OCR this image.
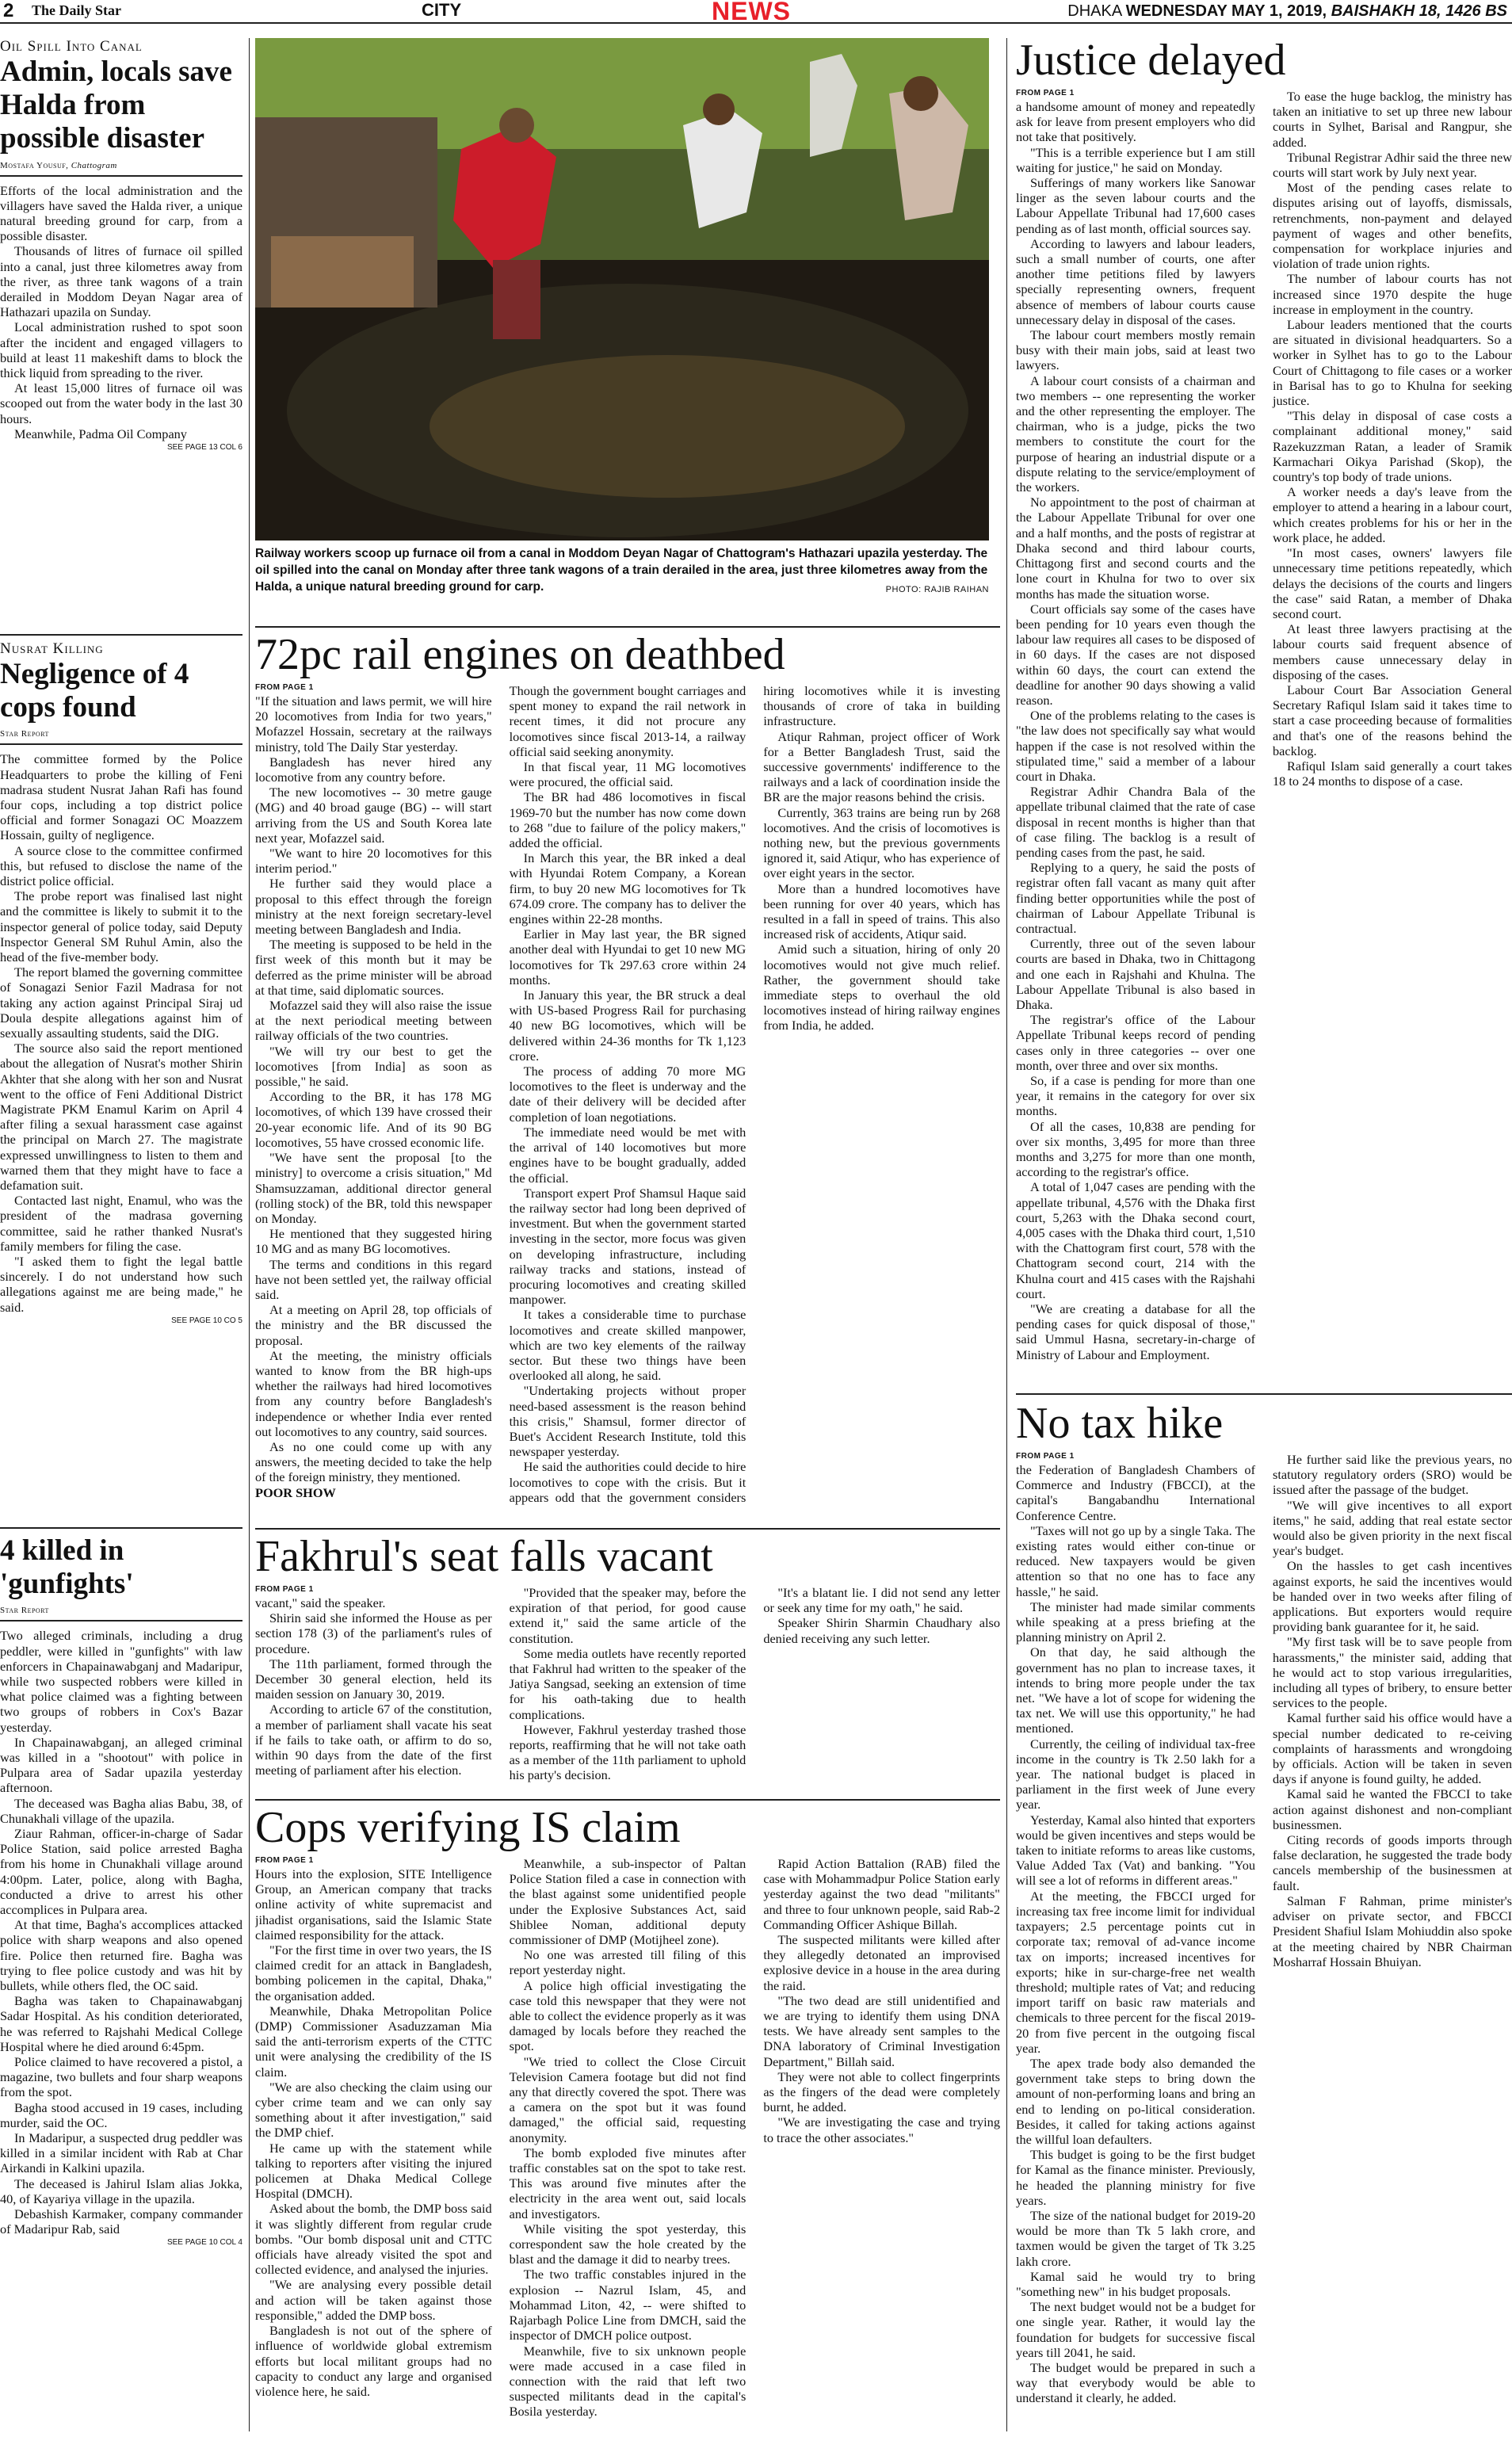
2 The Daily Star	CITY	NEWS	DHAKA WEDNESDAY MAY 1, 2019, BAISHAKH 18, 1426 BS
Oil Spill Into Canal
Admin, locals save Halda from possible disaster
Mostafa Yousuf, Chattogram

Efforts of the local administration and the villagers have saved the Halda river, a unique natural breeding ground for carp, from a possible disaster.

Thousands of litres of furnace oil spilled into a canal, just three kilometres away from the river, as three tank wagons of a train derailed in Moddom Deyan Nagar area of Hathazari upazila on Sunday.

Local administration rushed to spot soon after the incident and engaged villagers to build at least 11 makeshift dams to block the thick liquid from spreading to the river.

At least 15,000 litres of furnace oil was scooped out from the water body in the last 30 hours.

Meanwhile, Padma Oil Company

SEE PAGE 13 COL 6
Railway workers scoop up furnace oil from a canal in Moddom Deyan Nagar of Chattogram's Hathazari upazila yesterday. The oil spilled into the canal on Monday after three tank wagons of a train derailed in the area, just three kilometres away from the Halda, a unique natural breeding ground for carp.	PHOTO: RAJIB RAIHAN
Nusrat Killing
Negligence of 4 cops found
Star Report

The committee formed by the Police Headquarters to probe the killing of Feni madrasa student Nusrat Jahan Rafi has found four cops, including a top district police official and former Sonagazi OC Moazzem Hossain, guilty of negligence.

A source close to the committee confirmed this, but refused to disclose the name of the district police official.

The probe report was finalised last night and the committee is likely to submit it to the inspector general of police today, said Deputy Inspector General SM Ruhul Amin, also the head of the five-member body.

The report blamed the governing committee of Sonagazi Senior Fazil Madrasa for not taking any action against Principal Siraj ud Doula despite allegations against him of sexually assaulting students, said the DIG.

The source also said the report mentioned about the allegation of Nusrat's mother Shirin Akhter that she along with her son and Nusrat went to the office of Feni Additional District Magistrate PKM Enamul Karim on April 4 after filing a sexual harassment case against the principal on March 27. The magistrate expressed unwillingness to listen to them and warned them that they might have to face a defamation suit.

Contacted last night, Enamul, who was the president of the madrasa governing committee, said he rather thanked Nusrat's family members for filing the case.

"I asked them to fight the legal battle sincerely. I do not understand how such allegations against me are being made," he said.

SEE PAGE 10 CO 5
4 killed in 'gunfights'
Star Report

Two alleged criminals, including a drug peddler, were killed in "gunfights" with law enforcers in Chapainawabganj and Madaripur, while two suspected robbers were killed in what police claimed was a fighting between two groups of robbers in Cox's Bazar yesterday.

In Chapainawabganj, an alleged criminal was killed in a "shootout" with police in Pulpara area of Sadar upazila yesterday afternoon.

The deceased was Bagha alias Babu, 38, of Chunakhali village of the upazila.

Ziaur Rahman, officer-in-charge of Sadar Police Station, said police arrested Bagha from his home in Chunakhali village around 4:00pm. Later, police, along with Bagha, conducted a drive to arrest his other accomplices in Pulpara area.

At that time, Bagha's accomplices attacked police with sharp weapons and also opened fire. Police then returned fire. Bagha was trying to flee police custody and was hit by bullets, while others fled, the OC said.

Bagha was taken to Chapainawabganj Sadar Hospital. As his condition deteriorated, he was referred to Rajshahi Medical College Hospital where he died around 6:45pm.

Police claimed to have recovered a pistol, a magazine, two bullets and four sharp weapons from the spot.

Bagha stood accused in 19 cases, including murder, said the OC.

In Madaripur, a suspected drug peddler was killed in a similar incident with Rab at Char Airkandi in Kalkini upazila.

The deceased is Jahirul Islam alias Jokka, 40, of Kayariya village in the upazila.

Debashish Karmaker, company commander of Madaripur Rab, said

SEE PAGE 10 COL 4
72pc rail engines on deathbed
FROM PAGE 1

"If the situation and laws permit, we will hire 20 locomotives from India for two years," Mofazzel Hossain, secretary at the railways ministry, told The Daily Star yesterday.

Bangladesh has never hired any locomotive from any country before.

The new locomotives -- 30 metre gauge (MG) and 40 broad gauge (BG) -- will start arriving from the US and South Korea late next year, Mofazzel said.

"We want to hire 20 locomotives for this interim period."

He further said they would place a proposal to this effect through the foreign ministry at the next foreign secretary-level meeting between Bangladesh and India.

The meeting is supposed to be held in the first week of this month but it may be deferred as the prime minister will be abroad at that time, said diplomatic sources.

Mofazzel said they will also raise the issue at the next periodical meeting between railway officials of the two countries.

"We will try our best to get the locomotives [from India] as soon as possible," he said.

According to the BR, it has 178 MG locomotives, of which 139 have crossed their 20-year economic life. And of its 90 BG locomotives, 55 have crossed economic life.

"We have sent the proposal [to the ministry] to overcome a crisis situation," Md Shamsuzzaman, additional director general (rolling stock) of the BR, told this newspaper on Monday.

He mentioned that they suggested hiring 10 MG and as many BG locomotives.

The terms and conditions in this regard have not been settled yet, the railway official said.

At a meeting on April 28, top officials of the ministry and the BR discussed the proposal.

At the meeting, the ministry officials wanted to know from the BR high-ups whether the railways had hired locomotives from any country before Bangladesh's independence or whether India ever rented out locomotives to any country, said sources.

As no one could come up with any answers, the meeting decided to take the help of the foreign ministry, they mentioned.

POOR SHOW

Though the government bought carriages and spent money to expand the rail network in recent times, it did not procure any locomotives since fiscal 2013-14, a railway official said seeking anonymity.

In that fiscal year, 11 MG locomotives were procured, the official said.

The BR had 486 locomotives in fiscal 1969-70 but the number has now come down to 268 "due to failure of the policy makers," added the official.

In March this year, the BR inked a deal with Hyundai Rotem Company, a Korean firm, to buy 20 new MG locomotives for Tk 674.09 crore. The company has to deliver the engines within 22-28 months.

Earlier in May last year, the BR signed another deal with Hyundai to get 10 new MG locomotives for Tk 297.63 crore within 24 months.

In January this year, the BR struck a deal with US-based Progress Rail for purchasing 40 new BG locomotives, which will be delivered within 24-36 months for Tk 1,123 crore.

The process of adding 70 more MG locomotives to the fleet is underway and the date of their delivery will be decided after completion of loan negotiations.

The immediate need would be met with the arrival of 140 locomotives but more engines have to be bought gradually, added the official.

Transport expert Prof Shamsul Haque said the railway sector had long been deprived of investment. But when the government started investing in the sector, more focus was given on developing infrastructure, including railway tracks and stations, instead of procuring locomotives and creating skilled manpower.

It takes a considerable time to purchase locomotives and create skilled manpower, which are two key elements of the railway sector. But these two things have been overlooked all along, he said.

"Undertaking projects without proper need-based assessment is the reason behind this crisis," Shamsul, former director of Buet's Accident Research Institute, told this newspaper yesterday.

He said the authorities could decide to hire locomotives to cope with the crisis. But it appears odd that the government considers hiring locomotives while it is investing thousands of crore of taka in building infrastructure.

Atiqur Rahman, project officer of Work for a Better Bangladesh Trust, said the successive governments' indifference to the railways and a lack of coordination inside the BR are the major reasons behind the crisis.

Currently, 363 trains are being run by 268 locomotives. And the crisis of locomotives is nothing new, but the previous governments ignored it, said Atiqur, who has experience of over eight years in the sector.

More than a hundred locomotives have been running for over 40 years, which has resulted in a fall in speed of trains. This also increased risk of accidents, Atiqur said.

Amid such a situation, hiring of only 20 locomotives would not give much relief. Rather, the government should take immediate steps to overhaul the old locomotives instead of hiring railway engines from India, he added.

Fakhrul's seat falls vacant
FROM PAGE 1

vacant," said the speaker.

Shirin said she informed the House as per section 178 (3) of the parliament's rules of procedure.

The 11th parliament, formed through the December 30 general election, held its maiden session on January 30, 2019.

According to article 67 of the constitution, a member of parliament shall vacate his seat if he fails to take oath, or affirm to do so, within 90 days from the date of the first meeting of parliament after his election.

"Provided that the speaker may, before the expiration of that period, for good cause extend it," said the same article of the constitution.

Some media outlets have recently reported that Fakhrul had written to the speaker of the Jatiya Sangsad, seeking an extension of time for his oath-taking due to health complications.

However, Fakhrul yesterday trashed those reports, reaffirming that he will not take oath as a member of the 11th parliament to uphold his party's decision.

"It's a blatant lie. I did not send any letter or seek any time for my oath," he said.

Speaker Shirin Sharmin Chaudhary also denied receiving any such letter.

Cops verifying IS claim
FROM PAGE 1

Hours into the explosion, SITE Intelligence Group, an American company that tracks online activity of white supremacist and jihadist organisations, said the Islamic State claimed responsibility for the attack.

"For the first time in over two years, the IS claimed credit for an attack in Bangladesh, bombing policemen in the capital, Dhaka," the organisation added.

Meanwhile, Dhaka Metropolitan Police (DMP) Commissioner Asaduzzaman Mia said the anti-terrorism experts of the CTTC unit were analysing the credibility of the IS claim.

"We are also checking the claim using our cyber crime team and we can only say something about it after investigation," said the DMP chief.

He came up with the statement while talking to reporters after visiting the injured policemen at Dhaka Medical College Hospital (DMCH).

Asked about the bomb, the DMP boss said it was slightly different from regular crude bombs. "Our bomb disposal unit and CTTC officials have already visited the spot and collected evidence, and analysed the injuries.

"We are analysing every possible detail and action will be taken against those responsible," added the DMP boss.

Bangladesh is not out of the sphere of influence of worldwide global extremism efforts but local militant groups had no capacity to conduct any large and organised violence here, he said.

Meanwhile, a sub-inspector of Paltan Police Station filed a case in connection with the blast against some unidentified people under the Explosive Substances Act, said Shiblee Noman, additional deputy commissioner of DMP (Motijheel zone).

No one was arrested till filing of this report yesterday night.

A police high official investigating the case told this newspaper that they were not able to collect the evidence properly as it was damaged by locals before they reached the spot.

"We tried to collect the Close Circuit Television Camera footage but did not find any that directly covered the spot. There was a camera on the spot but it was found damaged," the official said, requesting anonymity.

The bomb exploded five minutes after traffic constables sat on the spot to take rest. This was around five minutes after the electricity in the area went out, said locals and investigators.

While visiting the spot yesterday, this correspondent saw the hole created by the blast and the damage it did to nearby trees.

The two traffic constables injured in the explosion -- Nazrul Islam, 45, and Mohammad Liton, 42, -- were shifted to Rajarbagh Police Line from DMCH, said the inspector of DMCH police outpost.

Meanwhile, five to six unknown people were made accused in a case filed in connection with the raid that left two suspected militants dead in the capital's Bosila yesterday.

Rapid Action Battalion (RAB) filed the case with Mohammadpur Police Station early yesterday against the two dead "militants" and three to four unknown people, said Rab-2 Commanding Officer Ashique Billah.

The suspected militants were killed after they allegedly detonated an improvised explosive device in a house in the area during the raid.

"The two dead are still unidentified and we are trying to identify them using DNA tests. We have already sent samples to the DNA laboratory of Criminal Investigation Department," Billah said.

They were not able to collect fingerprints as the fingers of the dead were completely burnt, he added.

"We are investigating the case and trying to trace the other associates."

Justice delayed
FROM PAGE 1

a handsome amount of money and repeatedly ask for leave from present employers who did not take that positively.

"This is a terrible experience but I am still waiting for justice," he said on Monday.

Sufferings of many workers like Sanowar linger as the seven labour courts and the Labour Appellate Tribunal had 17,600 cases pending as of last month, official sources say.

According to lawyers and labour leaders, such a small number of courts, one after another time petitions filed by lawyers specially representing owners, frequent absence of members of labour courts cause unnecessary delay in disposal of the cases.

The labour court members mostly remain busy with their main jobs, said at least two lawyers.

A labour court consists of a chairman and two members -- one representing the worker and the other representing the employer. The chairman, who is a judge, picks the two members to constitute the court for the purpose of hearing an industrial dispute or a dispute relating to the service/employment of the workers.

No appointment to the post of chairman at the Labour Appellate Tribunal for over one and a half months, and the posts of registrar at Dhaka second and third labour courts, Chittagong first and second courts and the lone court in Khulna for two to over six months has made the situation worse.

Court officials say some of the cases have been pending for 10 years even though the labour law requires all cases to be disposed of in 60 days. If the cases are not disposed within 60 days, the court can extend the deadline for another 90 days showing a valid reason.

One of the problems relating to the cases is "the law does not specifically say what would happen if the case is not resolved within the stipulated time," said a member of a labour court in Dhaka.

Registrar Adhir Chandra Bala of the appellate tribunal claimed that the rate of case disposal in recent months is higher than that of case filing. The backlog is a result of pending cases from the past, he said.

Replying to a query, he said the posts of registrar often fall vacant as many quit after finding better opportunities while the post of chairman of Labour Appellate Tribunal is contractual.

Currently, three out of the seven labour courts are based in Dhaka, two in Chittagong and one each in Rajshahi and Khulna. The Labour Appellate Tribunal is also based in Dhaka.

The registrar's office of the Labour Appellate Tribunal keeps record of pending cases only in three categories -- over one month, over three and over six months.

So, if a case is pending for more than one year, it remains in the category for over six months.

Of all the cases, 10,838 are pending for over six months, 3,495 for more than three months and 3,275 for more than one month, according to the registrar's office.

A total of 1,047 cases are pending with the appellate tribunal, 4,576 with the Dhaka first court, 5,263 with the Dhaka second court, 4,005 cases with the Dhaka third court, 1,510 with the Chattogram first court, 578 with the Chattogram second court, 214 with the Khulna court and 415 cases with the Rajshahi court.

"We are creating a database for all the pending cases for quick disposal of those," said Ummul Hasna, secretary-in-charge of Ministry of Labour and Employment.

To ease the huge backlog, the ministry has taken an initiative to set up three new labour courts in Sylhet, Barisal and Rangpur, she added.

Tribunal Registrar Adhir said the three new courts will start work by July next year.

Most of the pending cases relate to disputes arising out of layoffs, dismissals, retrenchments, non-payment and delayed payment of wages and other benefits, compensation for workplace injuries and violation of trade union rights.

The number of labour courts has not increased since 1970 despite the huge increase in employment in the country.

Labour leaders mentioned that the courts are situated in divisional headquarters. So a worker in Sylhet has to go to the Labour Court of Chittagong to file cases or a worker in Barisal has to go to Khulna for seeking justice.

"This delay in disposal of case costs a complainant additional money," said Razekuzzman Ratan, a leader of Sramik Karmachari Oikya Parishad (Skop), the country's top body of trade unions.

A worker needs a day's leave from the employer to attend a hearing in a labour court, which creates problems for his or her in the work place, he added.

"In most cases, owners' lawyers file unnecessary time petitions repeatedly, which delays the decisions of the courts and lingers the case" said Ratan, a member of Dhaka second court.

At least three lawyers practising at the labour courts said frequent absence of members cause unnecessary delay in disposing of the cases.

Labour Court Bar Association General Secretary Rafiqul Islam said it takes time to start a case proceeding because of formalities and that's one of the reasons behind the backlog.

Rafiqul Islam said generally a court takes 18 to 24 months to dispose of a case.

No tax hike
FROM PAGE 1

the Federation of Bangladesh Chambers of Commerce and Industry (FBCCI), at the capital's Bangabandhu International Conference Centre.

"Taxes will not go up by a single Taka. The existing rates would either con-tinue or reduced. New taxpayers would be given attention so that no one has to face any hassle," he said.

The minister had made similar comments while speaking at a press briefing at the planning ministry on April 2.

On that day, he said although the government has no plan to increase taxes, it intends to bring more people under the tax net. "We have a lot of scope for widening the tax net. We will use this opportunity," he had mentioned.

Currently, the ceiling of individual tax-free income in the country is Tk 2.50 lakh for a year. The national budget is placed in parliament in the first week of June every year.

Yesterday, Kamal also hinted that exporters would be given incentives and steps would be taken to initiate reforms to areas like customs, Value Added Tax (Vat) and banking. "You will see a lot of reforms in different areas."

At the meeting, the FBCCI urged for increasing tax free income limit for individual taxpayers; 2.5 percentage points cut in corporate tax; removal of ad-vance income tax on imports; increased incentives for exports; hike in sur-charge-free net wealth threshold; multiple rates of Vat; and reducing import tariff on basic raw materials and chemicals to three percent for the fiscal 2019-20 from five percent in the outgoing fiscal year.

The apex trade body also demanded the government take steps to bring down the amount of non-performing loans and bring an end to lending on po-litical consideration. Besides, it called for taking actions against the willful loan defaulters.

This budget is going to be the first budget for Kamal as the finance minister. Previously, he headed the planning ministry for five years.

The size of the national budget for 2019-20 would be more than Tk 5 lakh crore, and taxmen would be given the target of Tk 3.25 lakh crore.

Kamal said he would try to bring "something new" in his budget proposals.

The next budget would not be a budget for one single year. Rather, it would lay the foundation for budgets for successive fiscal years till 2041, he said.

The budget would be prepared in such a way that everybody would be able to understand it clearly, he added.

He further said like the previous years, no statutory regulatory orders (SRO) would be issued after the passage of the budget.

"We will give incentives to all export items," he said, adding that real estate sector would also be given priority in the next fiscal year's budget.

On the hassles to get cash incentives against exports, he said the incentives would be handed over in two weeks after filing of applications. But exporters would require providing bank guarantee for it, he said.

"My first task will be to save people from harassments," the minister said, adding that he would act to stop various irregularities, including all types of bribery, to ensure better services to the people.

Kamal further said his office would have a special number dedicated to re-ceiving complaints of harassments and wrongdoing by officials. Action will be taken in seven days if anyone is found guilty, he added.

Kamal said he wanted the FBCCI to take action against dishonest and non-compliant businessmen.

Citing records of goods imports through false declaration, he suggested the trade body cancels membership of the businessmen at fault.

Salman F Rahman, prime minister's adviser on private sector, and FBCCI President Shafiul Islam Mohiuddin also spoke at the meeting chaired by NBR Chairman Mosharraf Hossain Bhuiyan.
